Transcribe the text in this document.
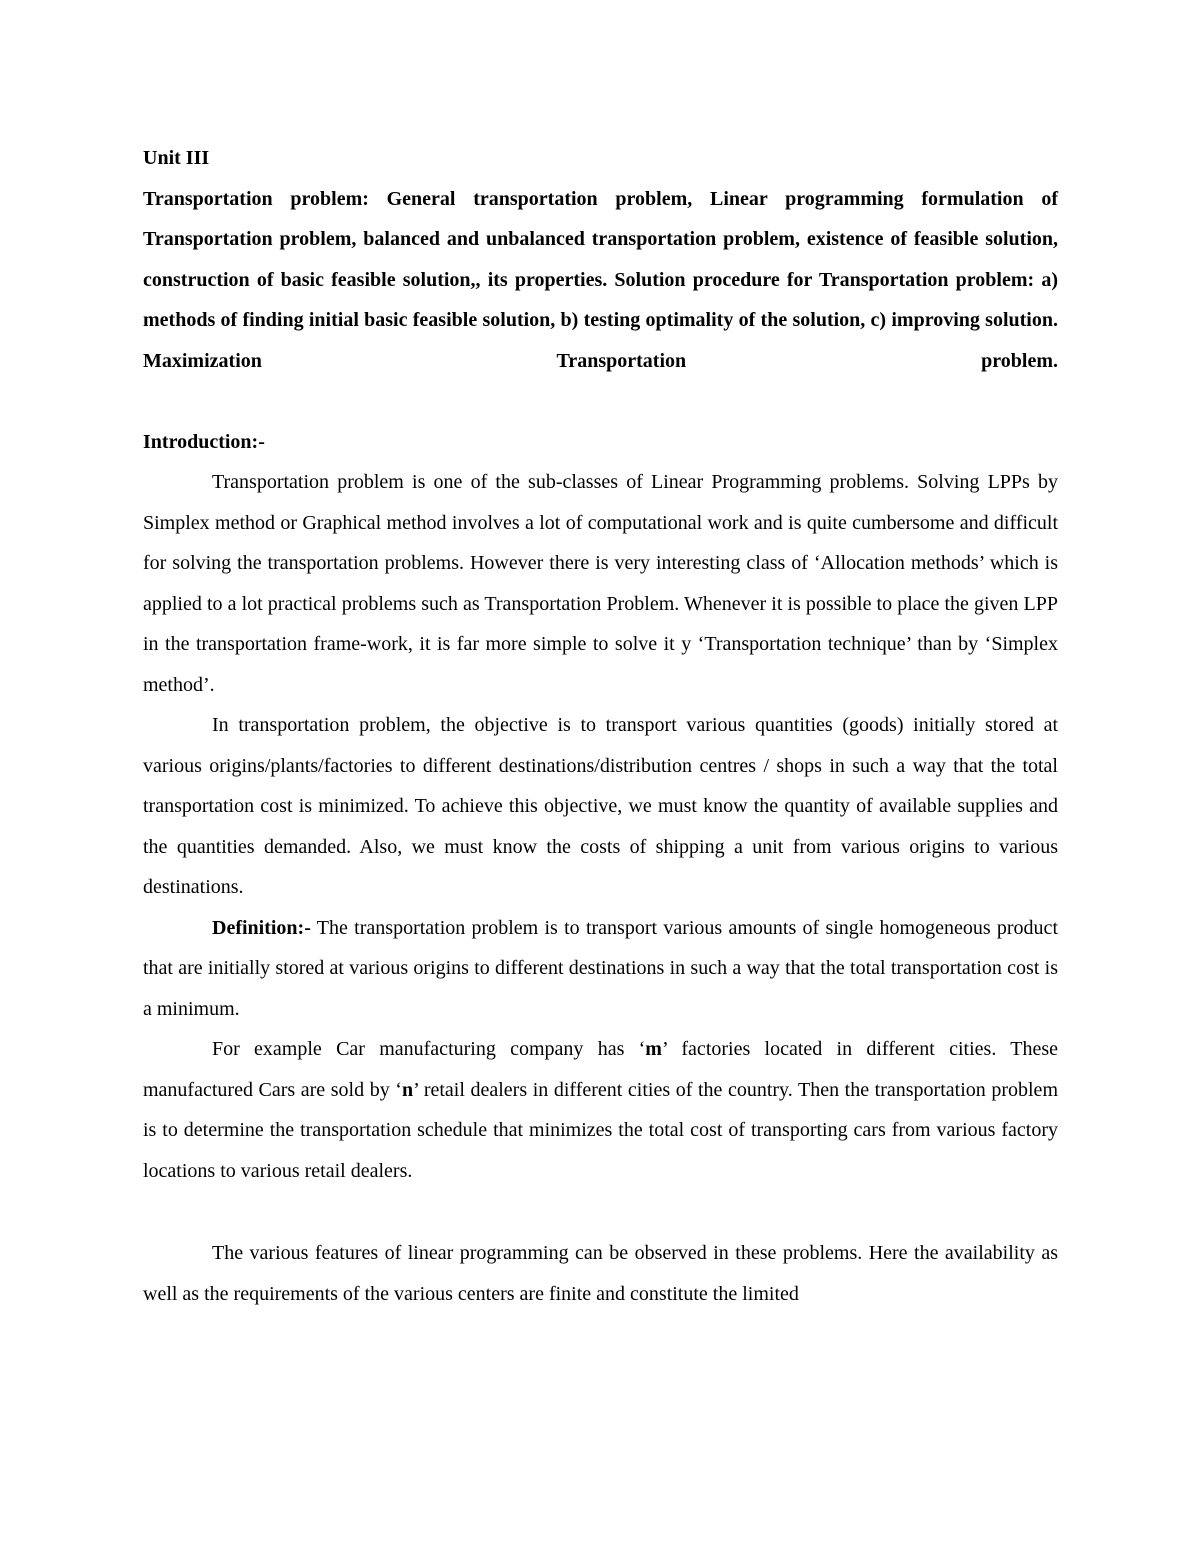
Unit III

Transportation problem: General transportation problem, Linear programming formulation of Transportation problem, balanced and unbalanced transportation problem, existence of feasible solution, construction of basic feasible solution,, its properties. Solution procedure for Transportation problem: a) methods of finding initial basic feasible solution, b) testing optimality of the solution, c) improving solution. Maximization Transportation problem.

Introduction:-

Transportation problem is one of the sub-classes of Linear Programming problems. Solving LPPs by Simplex method or Graphical method involves a lot of computational work and is quite cumbersome and difficult for solving the transportation problems. However there is very interesting class of ‘Allocation methods’ which is applied to a lot practical problems such as Transportation Problem. Whenever it is possible to place the given LPP in the transportation frame-work, it is far more simple to solve it y ‘Transportation technique’ than by ‘Simplex method’.

In transportation problem, the objective is to transport various quantities (goods) initially stored at various origins/plants/factories to different destinations/distribution centres / shops in such a way that the total transportation cost is minimized. To achieve this objective, we must know the quantity of available supplies and the quantities demanded. Also, we must know the costs of shipping a unit from various origins to various destinations.

Definition:- The transportation problem is to transport various amounts of single homogeneous product that are initially stored at various origins to different destinations in such a way that the total transportation cost is a minimum.

For example Car manufacturing company has ‘m’ factories located in different cities. These manufactured Cars are sold by ‘n’ retail dealers in different cities of the country. Then the transportation problem is to determine the transportation schedule that minimizes the total cost of transporting cars from various factory locations to various retail dealers.

The various features of linear programming can be observed in these problems. Here the availability as well as the requirements of the various centers are finite and constitute the limited
